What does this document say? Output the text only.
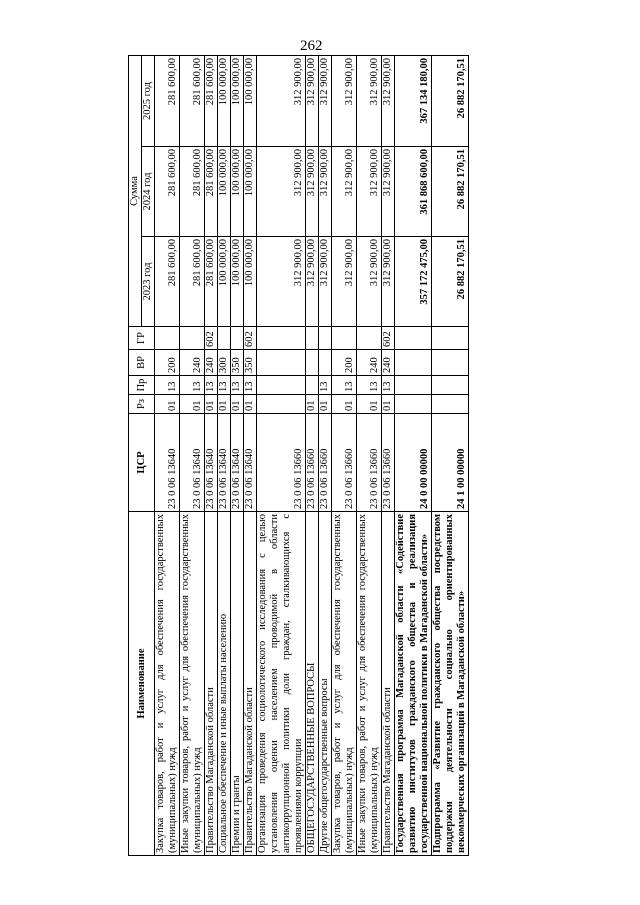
262
Наименование	ЦСР	Рз	Пр	ВР	ГР	Сумма		
						2023 год	2024 год	2025 год
Закупка товаров, работ и услуг для обеспечения государственных (муниципальных) нужд	23 0 06 13640	01	13	200		281 600,00	281 600,00	281 600,00
Иные закупки товаров, работ и услуг для обеспечения государственных (муниципальных) нужд	23 0 06 13640	01	13	240		281 600,00	281 600,00	281 600,00
Правительство Магаданской области	23 0 06 13640	01	13	240	602	281 600,00	281 600,00	281 600,00
Социальное обеспечение и иные выплаты населению	23 0 06 13640	01	13	300		100 000,00	100 000,00	100 000,00
Премии и гранты	23 0 06 13640	01	13	350		100 000,00	100 000,00	100 000,00
Правительство Магаданской области	23 0 06 13640	01	13	350	602	100 000,00	100 000,00	100 000,00
Организация проведения социологического исследования с целью установления оценки населением проводимой в области антикоррупционной политики доли граждан, сталкивающихся с проявлениями коррупции	23 0 06 13660					312 900,00	312 900,00	312 900,00
ОБЩЕГОСУДАРСТВЕННЫЕ ВОПРОСЫ	23 0 06 13660	01				312 900,00	312 900,00	312 900,00
Другие общегосударственные вопросы	23 0 06 13660	01	13			312 900,00	312 900,00	312 900,00
Закупка товаров, работ и услуг для обеспечения государственных (муниципальных) нужд	23 0 06 13660	01	13	200		312 900,00	312 900,00	312 900,00
Иные закупки товаров, работ и услуг для обеспечения государственных (муниципальных) нужд	23 0 06 13660	01	13	240		312 900,00	312 900,00	312 900,00
Правительство Магаданской области	23 0 06 13660	01	13	240	602	312 900,00	312 900,00	312 900,00
Государственная программа Магаданской области «Содействие развитию институтов гражданского общества и реализация государственной национальной политики в Магаданской области»	24 0 00 00000					357 172 475,00	361 868 600,00	367 134 180,00
Подпрограмма «Развитие гражданского общества посредством поддержки деятельности социально ориентированных некоммерческих организаций в Магаданской области»	24 1 00 00000					26 882 170,51	26 882 170,51	26 882 170,51
